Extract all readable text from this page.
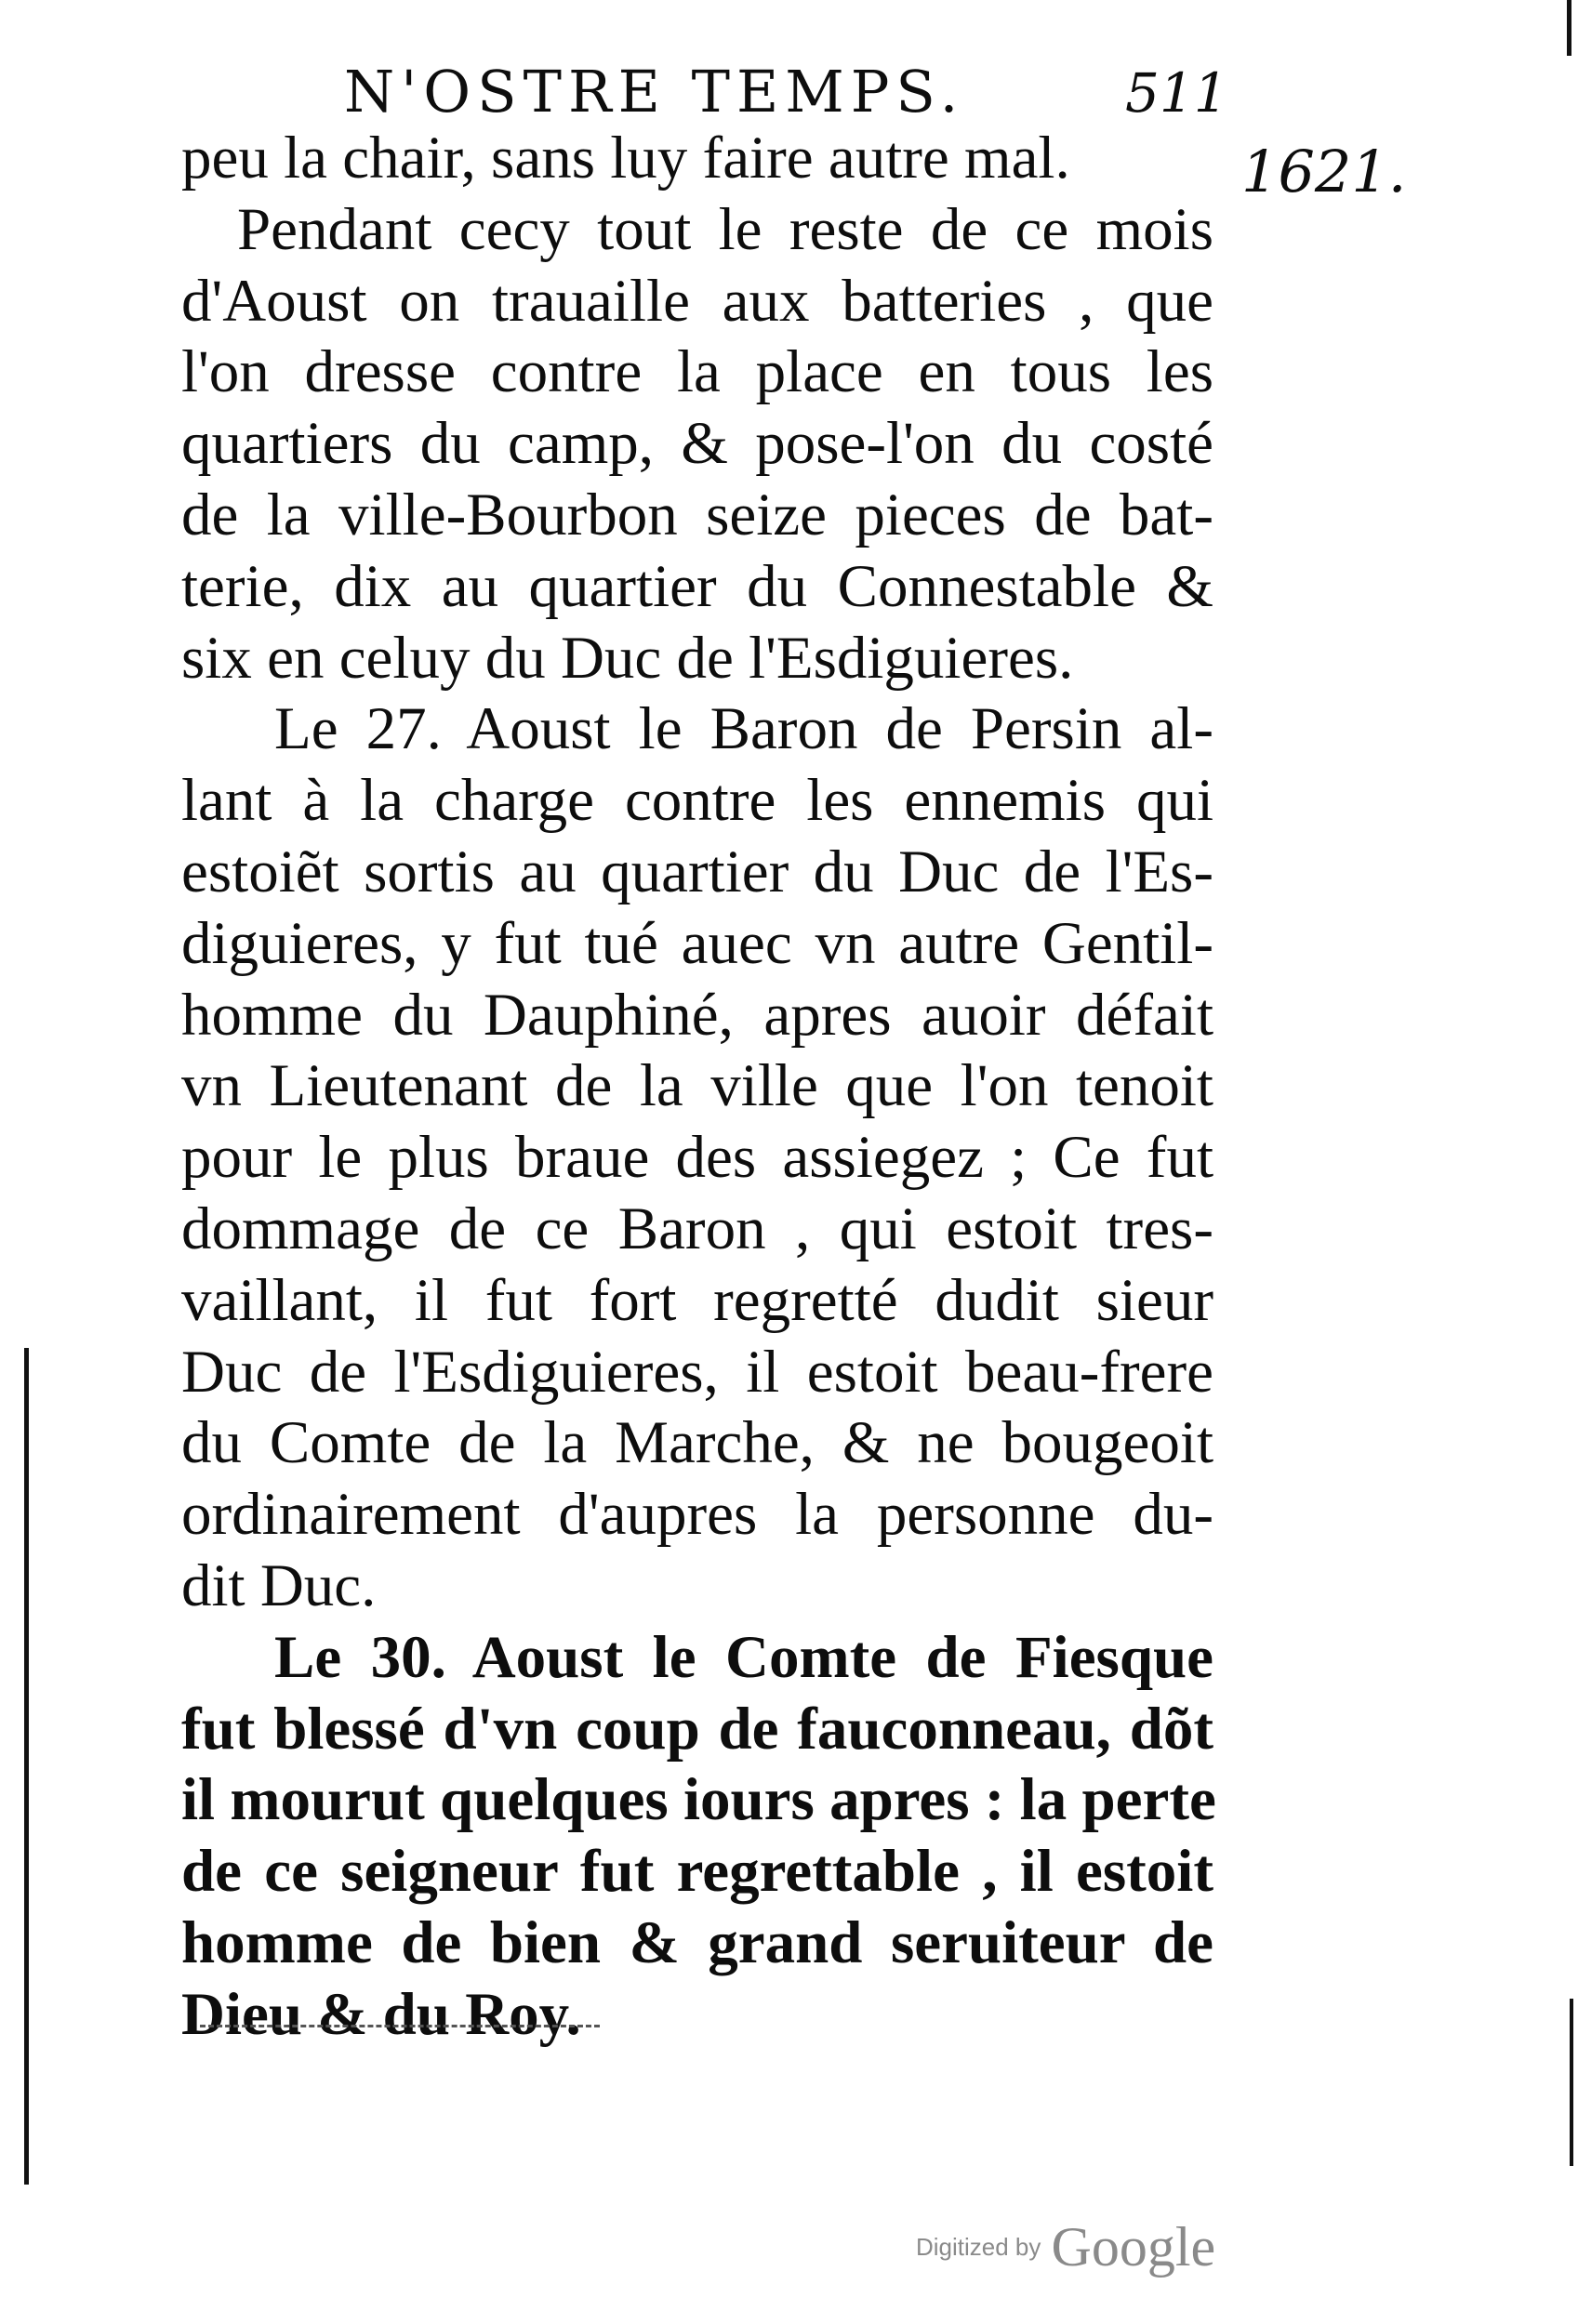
N'OSTRE TEMPS.	511
1621.
peu la chair, sans luy faire autre mal.
Pendant cecy tout le reste de ce mois
d'Aoust on trauaille aux batteries , que
l'on dresse contre la place en tous les
quartiers du camp, & pose-l'on du costé
de la ville-Bourbon seize pieces de bat-
terie, dix au quartier du Connestable &
six en celuy du Duc de l'Esdiguieres.
Le 27. Aoust le Baron de Persin al-
lant à la charge contre les ennemis qui
estoiẽt sortis au quartier du Duc de l'Es-
diguieres, y fut tué auec vn autre Gentil-
homme du Dauphiné, apres auoir défait
vn Lieutenant de la ville que l'on tenoit
pour le plus braue des assiegez ; Ce fut
dommage de ce Baron , qui estoit tres-
vaillant, il fut fort regretté dudit sieur
Duc de l'Esdiguieres, il estoit beau-frere
du Comte de la Marche, & ne bougeoit
ordinairement d'aupres la personne du-
dit Duc.
Le 30. Aoust le Comte de Fiesque
fut blessé d'vn coup de fauconneau, dõt
il mourut quelques iours apres : la perte
de ce seigneur fut regrettable , il estoit
homme de bien & grand seruiteur de
Dieu & du Roy.
Digitized by Google
